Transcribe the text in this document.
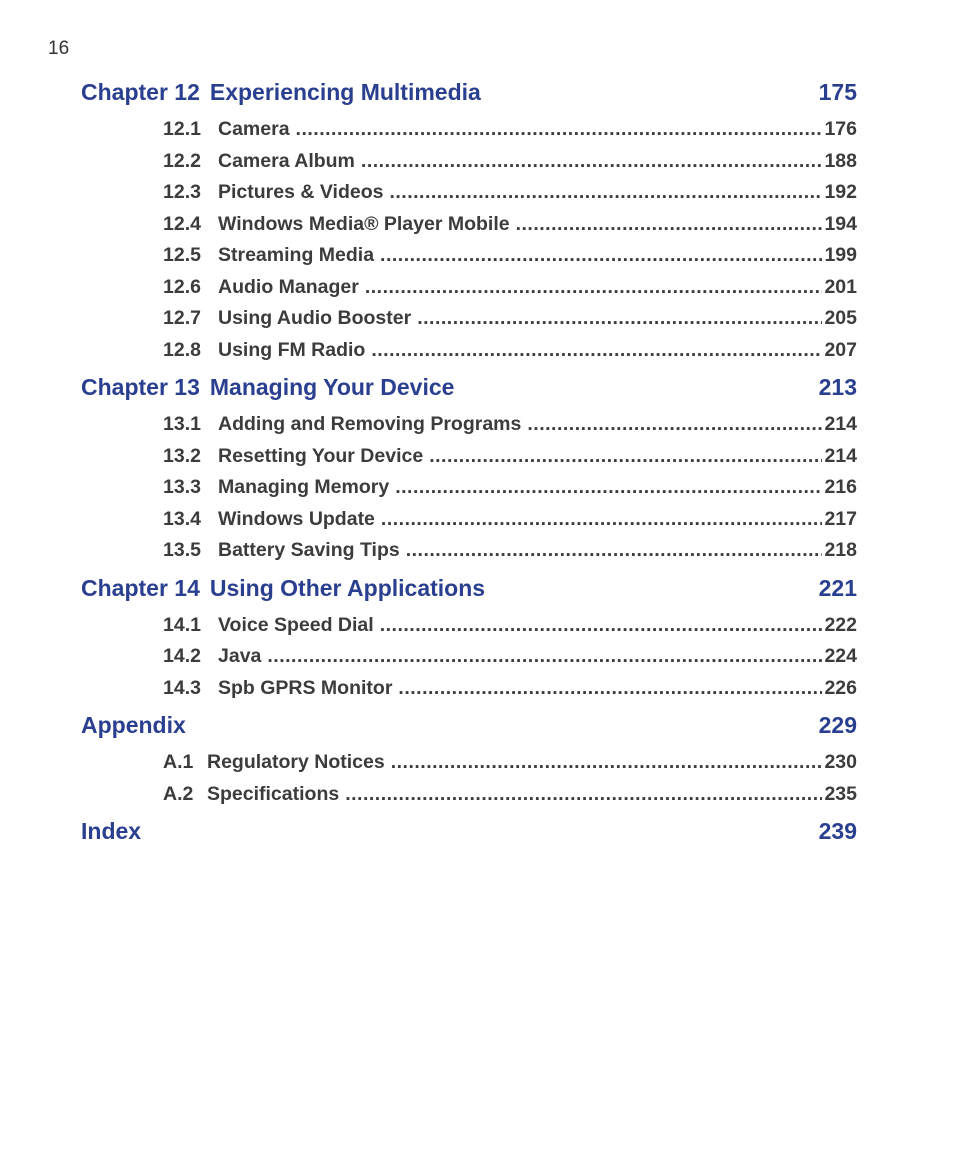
16
Chapter 12 Experiencing Multimedia	175
12.1 Camera .....	176
12.2 Camera Album .....	188
12.3 Pictures & Videos .....	192
12.4 Windows Media® Player Mobile .....	194
12.5 Streaming Media .....	199
12.6 Audio Manager .....	201
12.7 Using Audio Booster .....	205
12.8 Using FM Radio .....	207
Chapter 13 Managing Your Device	213
13.1 Adding and Removing Programs .....	214
13.2 Resetting Your Device .....	214
13.3 Managing Memory .....	216
13.4 Windows Update .....	217
13.5 Battery Saving Tips .....	218
Chapter 14 Using Other Applications	221
14.1 Voice Speed Dial .....	222
14.2 Java .....	224
14.3 Spb GPRS Monitor .....	226
Appendix	229
A.1 Regulatory Notices .....	230
A.2 Specifications .....	235
Index	239
